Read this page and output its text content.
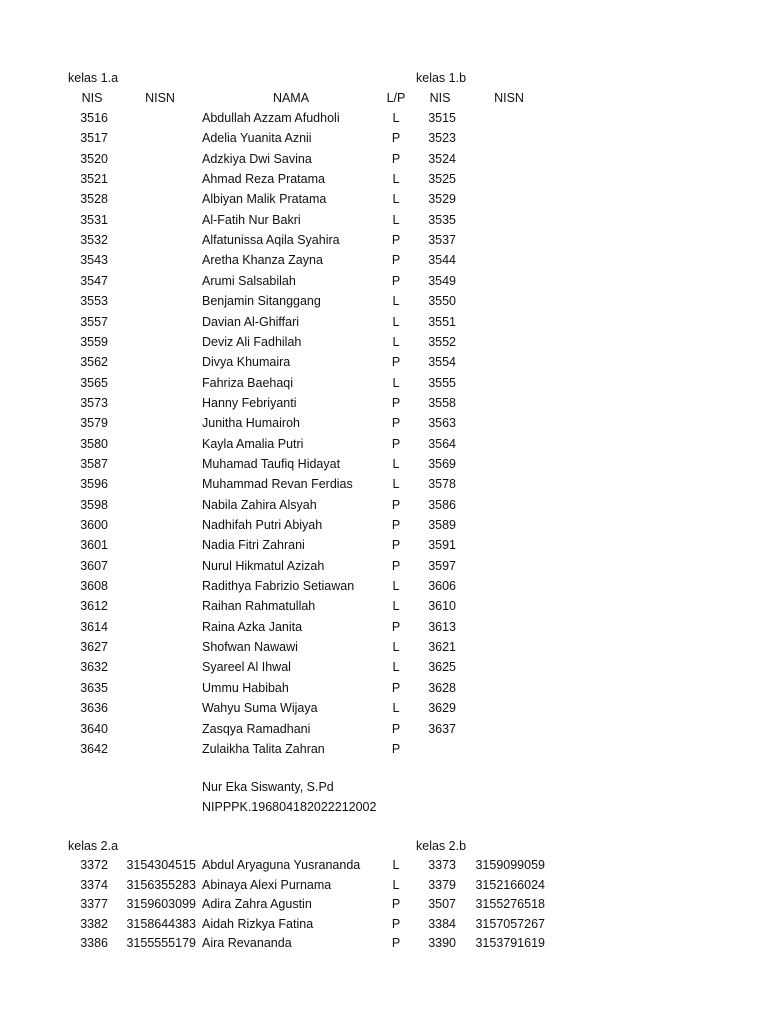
kelas 1.a	kelas 1.b
NIS	NISN	NAMA	L/P	NIS	NISN
3516	Abdullah Azzam Afudholi	L	3515
3517	Adelia Yuanita Aznii	P	3523
3520	Adzkiya Dwi Savina	P	3524
3521	Ahmad Reza Pratama	L	3525
3528	Albiyan Malik Pratama	L	3529
3531	Al-Fatih Nur Bakri	L	3535
3532	Alfatunissa Aqila Syahira	P	3537
3543	Aretha Khanza Zayna	P	3544
3547	Arumi Salsabilah	P	3549
3553	Benjamin Sitanggang	L	3550
3557	Davian Al-Ghiffari	L	3551
3559	Deviz Ali Fadhilah	L	3552
3562	Divya Khumaira	P	3554
3565	Fahriza Baehaqi	L	3555
3573	Hanny Febriyanti	P	3558
3579	Junitha Humairoh	P	3563
3580	Kayla Amalia Putri	P	3564
3587	Muhamad Taufiq Hidayat	L	3569
3596	Muhammad Revan Ferdias	L	3578
3598	Nabila Zahira Alsyah	P	3586
3600	Nadhifah Putri Abiyah	P	3589
3601	Nadia Fitri Zahrani	P	3591
3607	Nurul Hikmatul Azizah	P	3597
3608	Radithya Fabrizio Setiawan	L	3606
3612	Raihan Rahmatullah	L	3610
3614	Raina Azka Janita	P	3613
3627	Shofwan Nawawi	L	3621
3632	Syareel Al Ihwal	L	3625
3635	Ummu Habibah	P	3628
3636	Wahyu Suma Wijaya	L	3629
3640	Zasqya Ramadhani	P	3637
3642	Zulaikha Talita Zahran	P
Nur Eka Siswanty, S.Pd
NIPPPK.196804182022212002
kelas 2.a	kelas 2.b
3372	3154304515 Abdul Aryaguna Yusrananda	L	3373	3159099059
3374	3156355283 Abinaya Alexi Purnama	L	3379	3152166024
3377	3159603099 Adira Zahra Agustin	P	3507	3155276518
3382	3158644383 Aidah Rizkya Fatina	P	3384	3157057267
3386	3155555179 Aira Revananda	P	3390	3153791619
